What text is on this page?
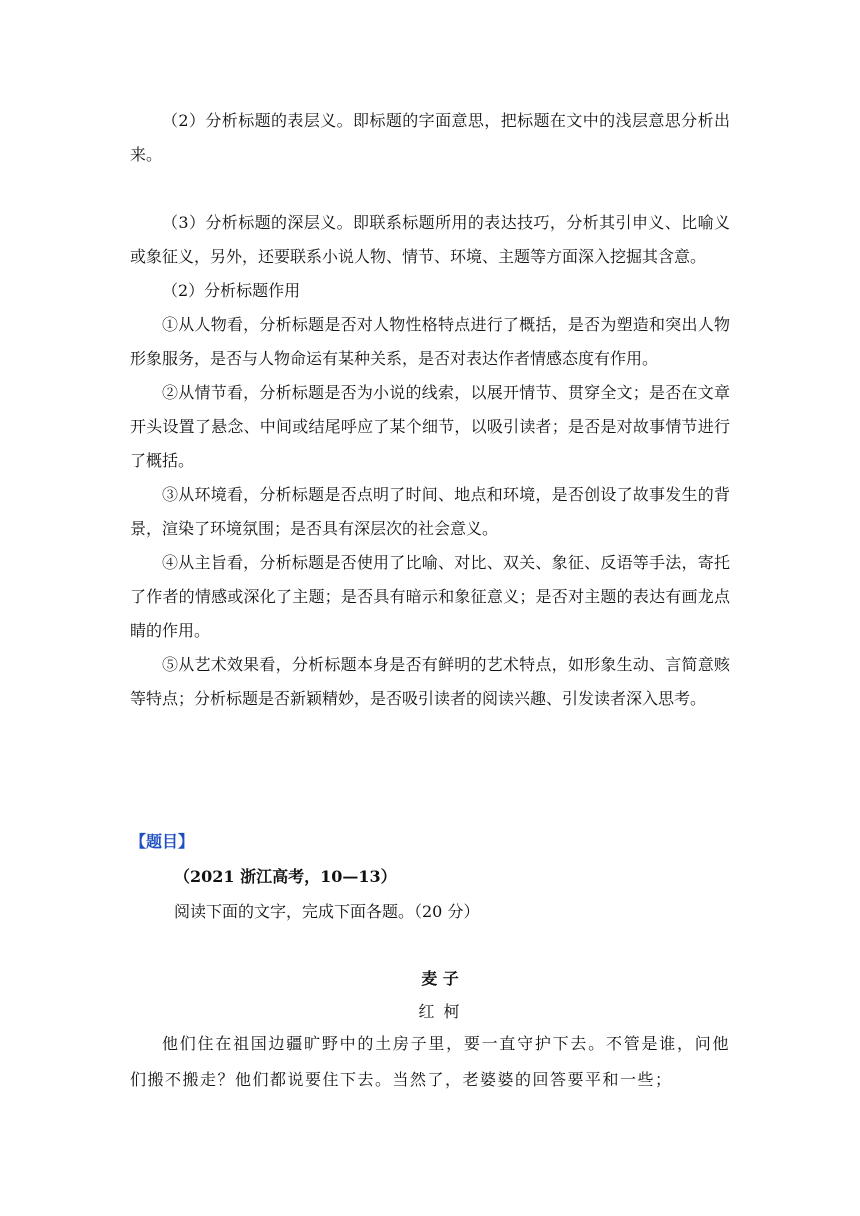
（2）分析标题的表层义。即标题的字面意思，把标题在文中的浅层意思分析出来。

（3）分析标题的深层义。即联系标题所用的表达技巧，分析其引申义、比喻义或象征义，另外，还要联系小说人物、情节、环境、主题等方面深入挖掘其含意。

（2）分析标题作用

①从人物看，分析标题是否对人物性格特点进行了概括，是否为塑造和突出人物形象服务，是否与人物命运有某种关系，是否对表达作者情感态度有作用。

②从情节看，分析标题是否为小说的线索，以展开情节、贯穿全文；是否在文章开头设置了悬念、中间或结尾呼应了某个细节，以吸引读者；是否是对故事情节进行了概括。

③从环境看，分析标题是否点明了时间、地点和环境，是否创设了故事发生的背景，渲染了环境氛围；是否具有深层次的社会意义。

④从主旨看，分析标题是否使用了比喻、对比、双关、象征、反语等手法，寄托了作者的情感或深化了主题；是否具有暗示和象征意义；是否对主题的表达有画龙点睛的作用。

⑤从艺术效果看，分析标题本身是否有鲜明的艺术特点，如形象生动、言简意赅等特点；分析标题是否新颖精妙，是否吸引读者的阅读兴趣、引发读者深入思考。

【题目】

（2021 浙江高考，10—13）

阅读下面的文字，完成下面各题。（20 分）

麦 子

红 柯

他们住在祖国边疆旷野中的土房子里，要一直守护下去。不管是谁，问他们搬不搬走？他们都说要住下去。当然了，老婆婆的回答要平和一些；
